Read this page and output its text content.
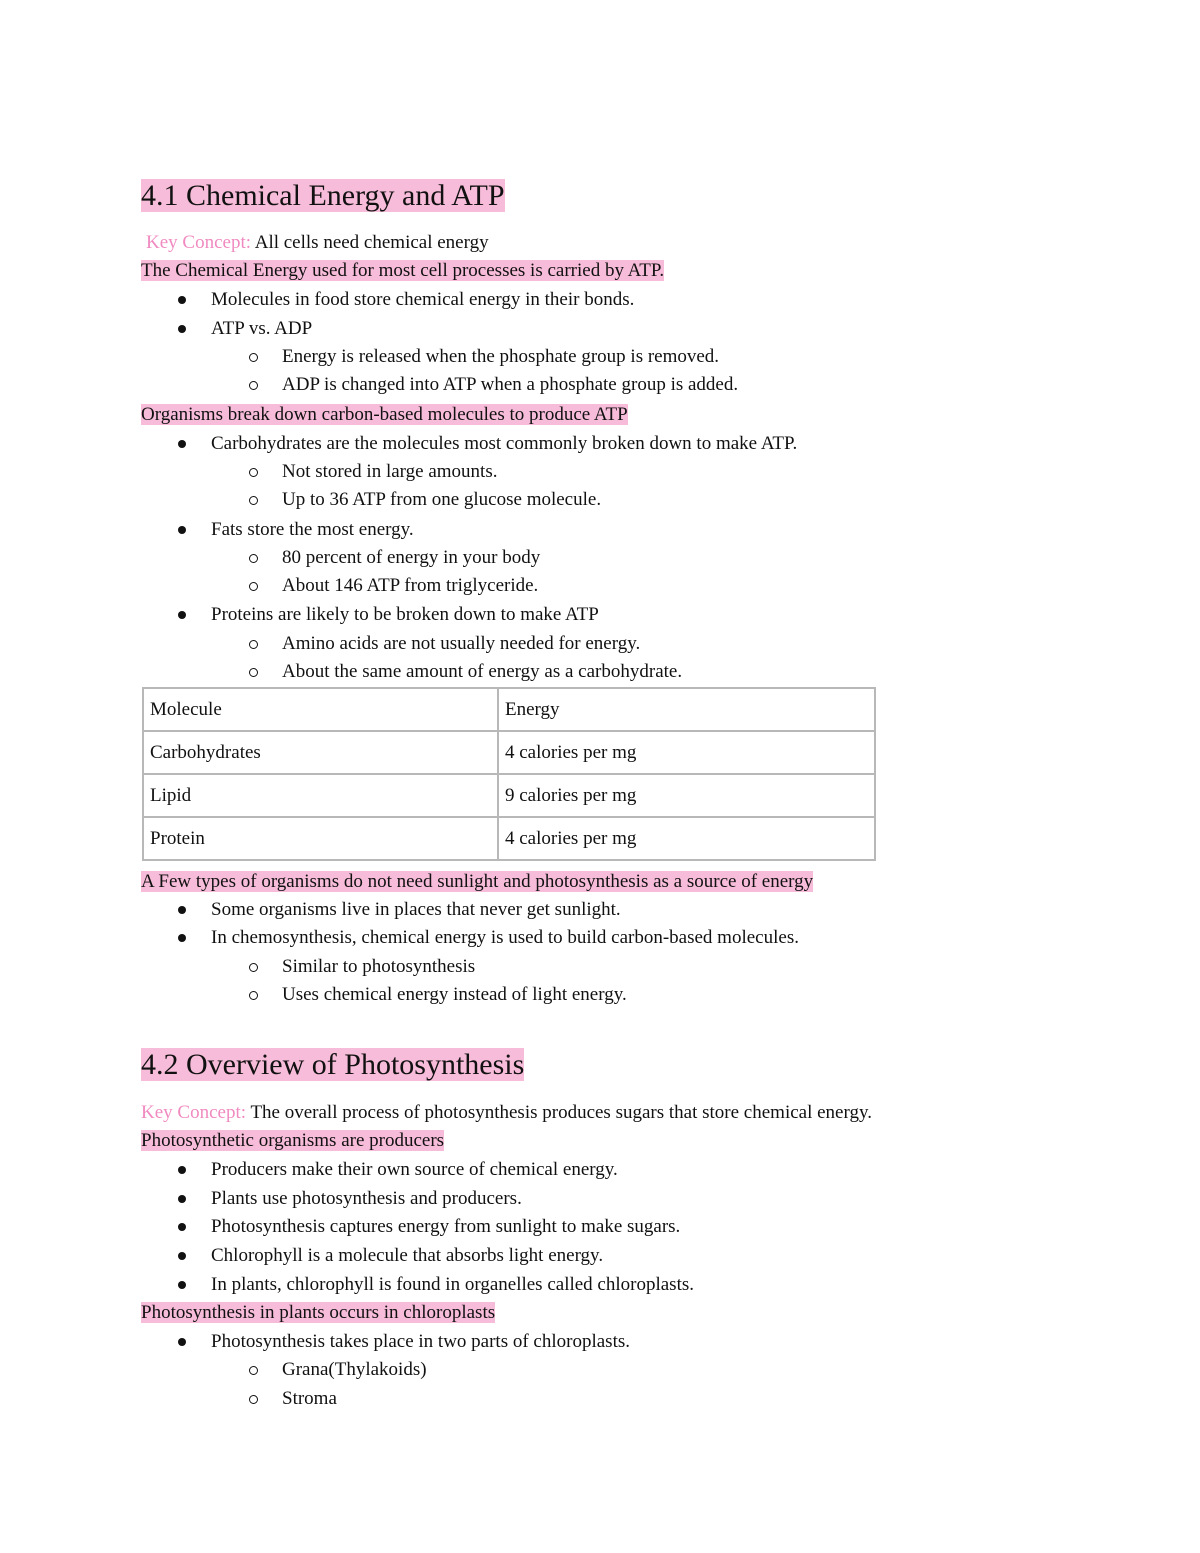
4.1 Chemical Energy and ATP
Key Concept: All cells need chemical energy
The Chemical Energy used for most cell processes is carried by ATP.
Molecules in food store chemical energy in their bonds.
ATP vs. ADP
Energy is released when the phosphate group is removed.
ADP is changed into ATP when a phosphate group is added.
Organisms break down carbon-based molecules to produce ATP
Carbohydrates are the molecules most commonly broken down to make ATP.
Not stored in large amounts.
Up to 36 ATP from one glucose molecule.
Fats store the most energy.
80 percent of energy in your body
About 146 ATP from triglyceride.
Proteins are likely to be broken down to make ATP
Amino acids are not usually needed for energy.
About the same amount of energy as a carbohydrate.
Molecule	Energy
Carbohydrates	4 calories per mg
Lipid	9 calories per mg
Protein	4 calories per mg
A Few types of organisms do not need sunlight and photosynthesis as a source of energy
Some organisms live in places that never get sunlight.
In chemosynthesis, chemical energy is used to build carbon-based molecules.
Similar to photosynthesis
Uses chemical energy instead of light energy.
4.2 Overview of Photosynthesis
Key Concept: The overall process of photosynthesis produces sugars that store chemical energy.
Photosynthetic organisms are producers
Producers make their own source of chemical energy.
Plants use photosynthesis and producers.
Photosynthesis captures energy from sunlight to make sugars.
Chlorophyll is a molecule that absorbs light energy.
In plants, chlorophyll is found in organelles called chloroplasts.
Photosynthesis in plants occurs in chloroplasts
Photosynthesis takes place in two parts of chloroplasts.
Grana(Thylakoids)
Stroma
